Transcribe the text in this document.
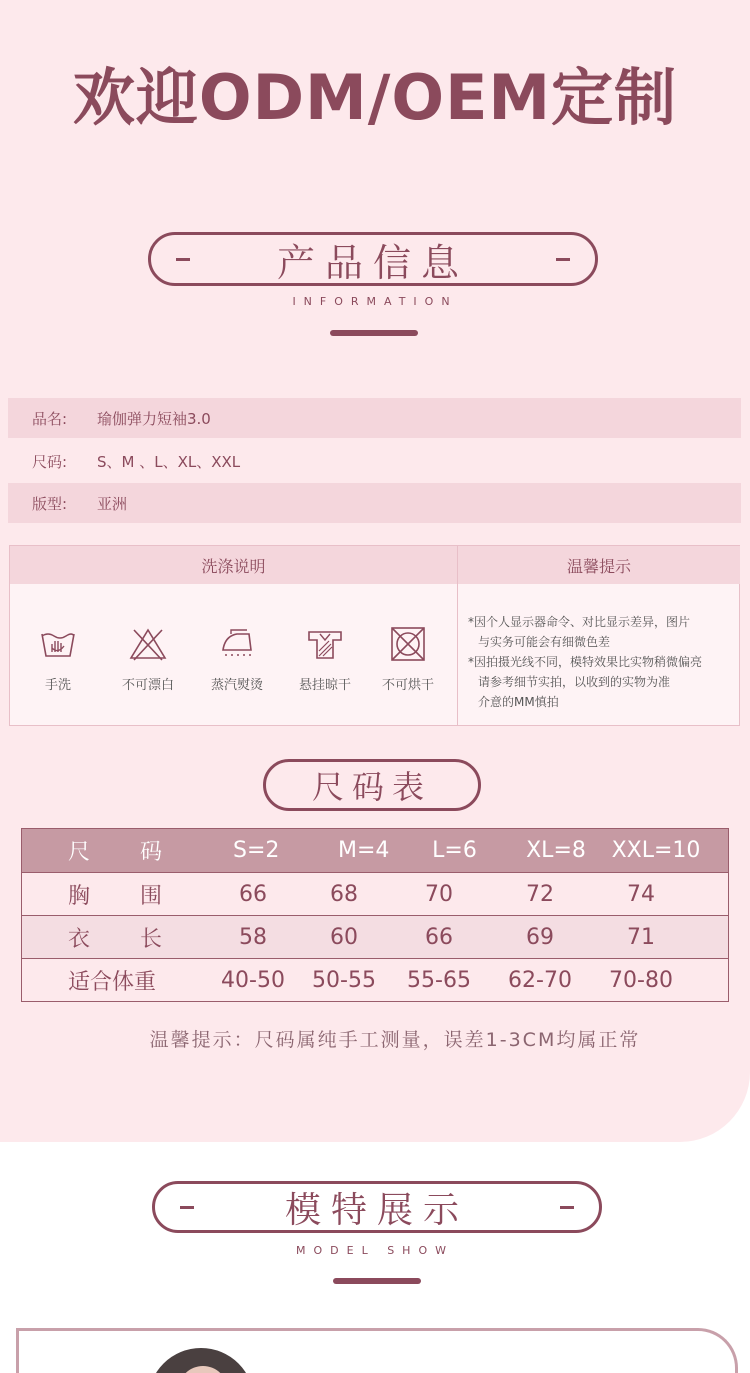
欢迎ODM/OEM定制
产品信息
INFORMATION
品名:	瑜伽弹力短袖3.0
尺码:	S、M 、L、XL、XXL
版型:	亚洲
洗涤说明	温馨提示
手洗	不可漂白	蒸汽熨烫	悬挂晾干	不可烘干
*因个人显示器命令、对比显示差异，图片
与实务可能会有细微色差
*因拍摄光线不同，模特效果比实物稍微偏亮
请参考细节实拍，以收到的实物为准
介意的MM慎拍
尺码表
尺 码	S=2	M=4	L=6	XL=8	XXL=10
胸 围	66	68	70	72	74
衣 长	58	60	66	69	71
适合体重	40-50	50-55	55-65	62-70	70-80
温馨提示：尺码属纯手工测量，误差1-3CM均属正常
模特展示
MODEL SHOW
